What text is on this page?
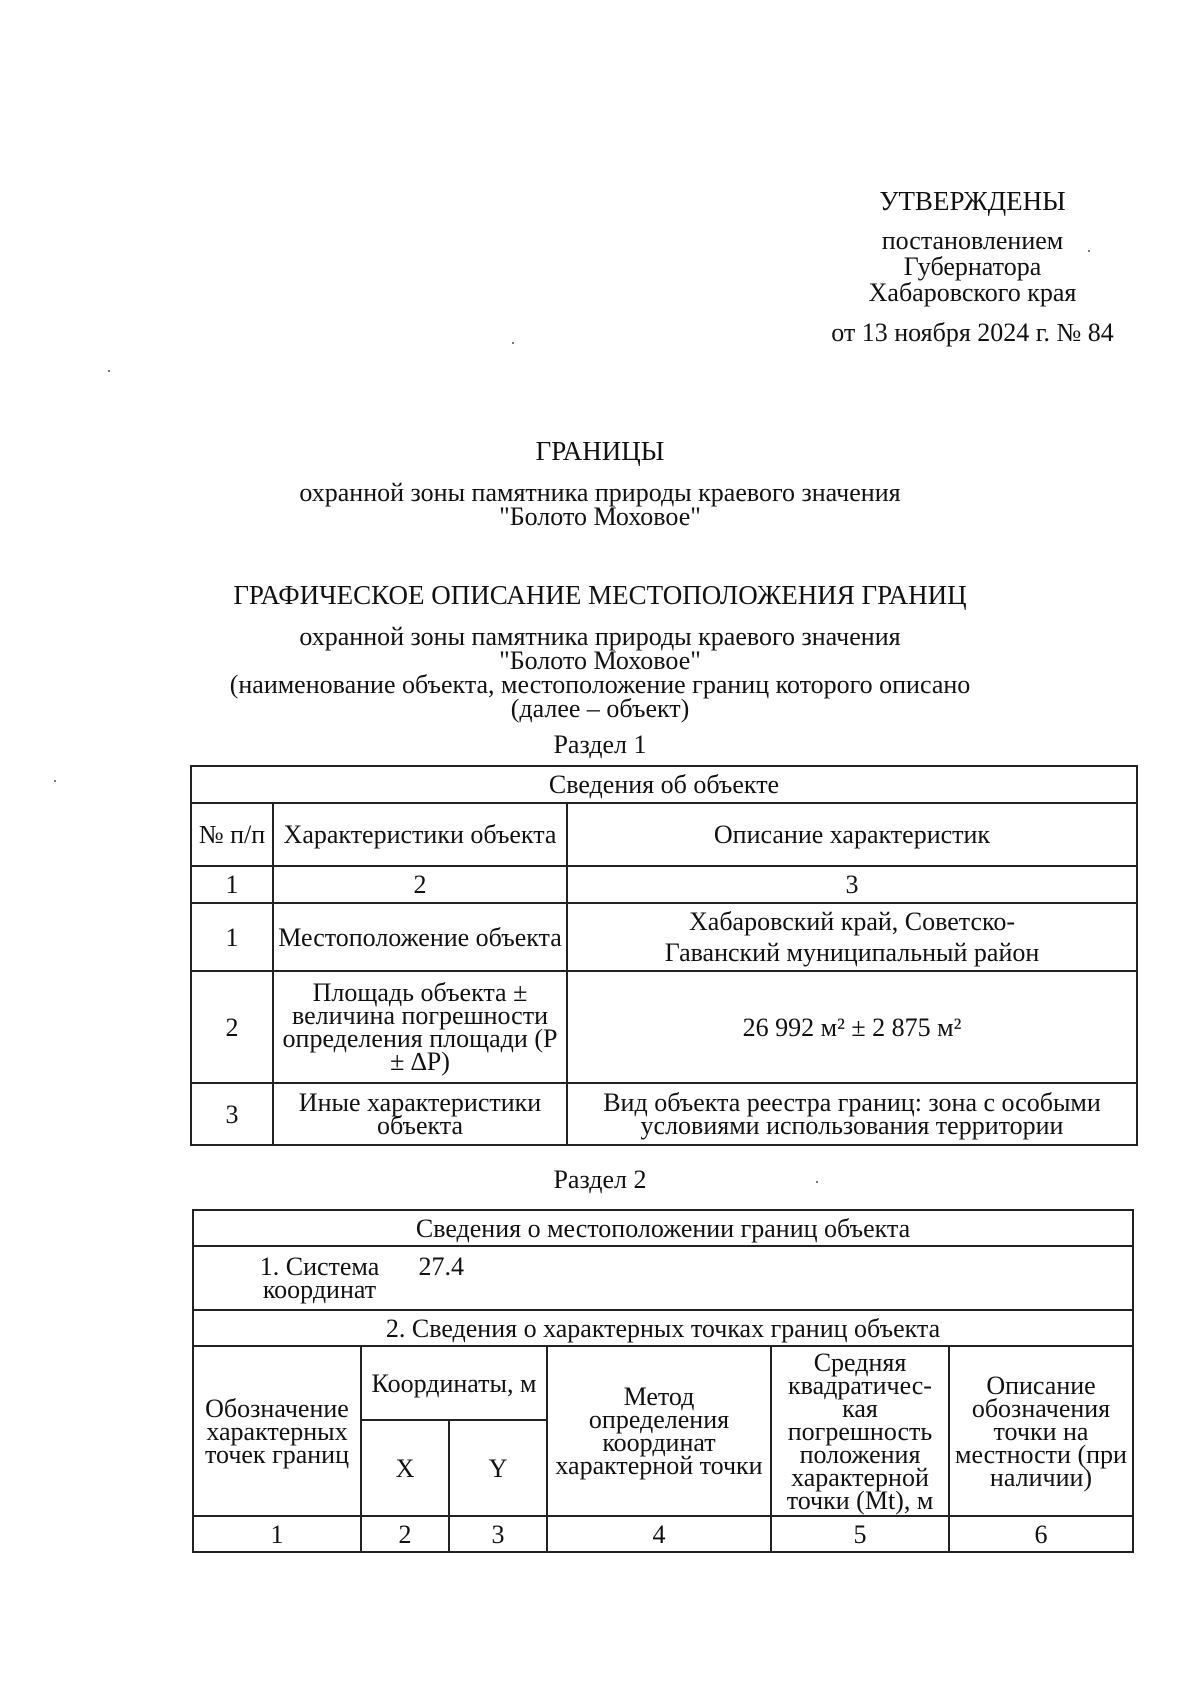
УТВЕРЖДЕНЫ
постановлением
Губернатора
Хабаровского края
от 13 ноября 2024 г. № 84
ГРАНИЦЫ
охранной зоны памятника природы краевого значения
"Болото Моховое"
ГРАФИЧЕСКОЕ ОПИСАНИЕ МЕСТОПОЛОЖЕНИЯ ГРАНИЦ
охранной зоны памятника природы краевого значения
"Болото Моховое"
(наименование объекта, местоположение границ которого описано
(далее – объект)
Раздел 1
Сведения об объекте		
№ п/п	Характеристики объекта	Описание характеристик
1	2	3
1	Местоположение объекта	Хабаровский край, Советско-
Гаванский муниципальный район

2	Площадь объекта ± величина погрешности определения площади (Р ± ∆Р)	26 992 м² ± 2 875 м²
3	Иные характеристики объекта	Вид объекта реестра границ: зона с особыми условиями использования территории
Раздел 2
Сведения о местоположении границ объекта					
1. Система координат 27.4					
2. Сведения о характерных точках границ объекта					
Обозначение характерных точек границ	Координаты, м		Метод определения координат характерной точки	Средняя квадратичес-кая погрешность положения характерной точки (Mt), м	Описание обозначения точки на местности (при наличии)
	X	Y			
1	2	3	4	5	6
